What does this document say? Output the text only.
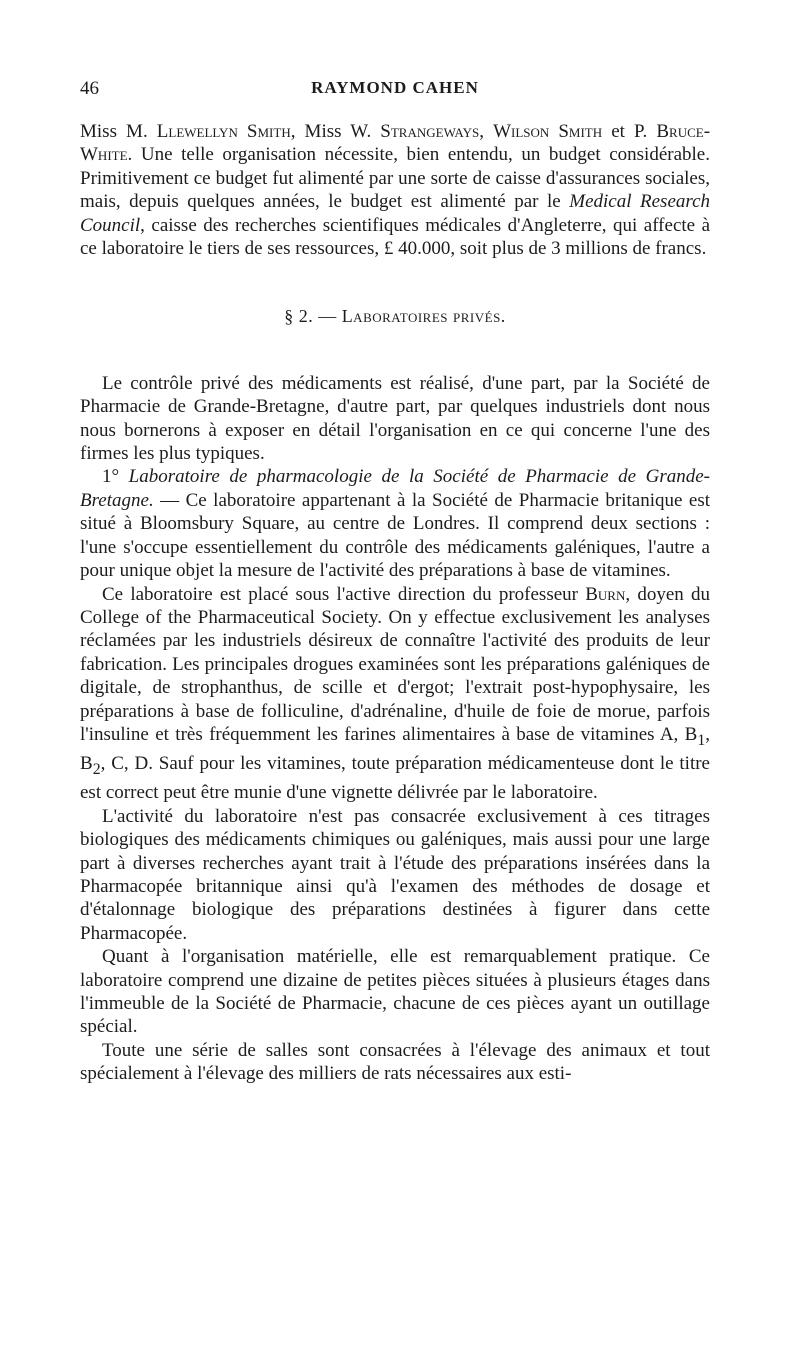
46	RAYMOND CAHEN

Miss M. Llewellyn Smith, Miss W. Strangeways, Wilson Smith et P. Bruce-White. Une telle organisation nécessite, bien entendu, un budget considérable. Primitivement ce budget fut alimenté par une sorte de caisse d'assurances sociales, mais, depuis quelques années, le budget est alimenté par le Medical Research Council, caisse des recherches scientifiques médicales d'Angleterre, qui affecte à ce laboratoire le tiers de ses ressources, £ 40.000, soit plus de 3 millions de francs.

§ 2. — Laboratoires privés.

Le contrôle privé des médicaments est réalisé, d'une part, par la Société de Pharmacie de Grande-Bretagne, d'autre part, par quelques industriels dont nous nous bornerons à exposer en détail l'organisation en ce qui concerne l'une des firmes les plus typiques.

1° Laboratoire de pharmacologie de la Société de Pharmacie de Grande-Bretagne. — Ce laboratoire appartenant à la Société de Pharmacie britanique est situé à Bloomsbury Square, au centre de Londres. Il comprend deux sections : l'une s'occupe essentiellement du contrôle des médicaments galéniques, l'autre a pour unique objet la mesure de l'activité des préparations à base de vitamines.

Ce laboratoire est placé sous l'active direction du professeur Burn, doyen du College of the Pharmaceutical Society. On y effectue exclusivement les analyses réclamées par les industriels désireux de connaître l'activité des produits de leur fabrication. Les principales drogues examinées sont les préparations galéniques de digitale, de strophanthus, de scille et d'ergot; l'extrait post-hypophysaire, les préparations à base de folliculine, d'adrénaline, d'huile de foie de morue, parfois l'insuline et très fréquemment les farines alimentaires à base de vitamines A, $B_1$, $B_2$, C, D. Sauf pour les vitamines, toute préparation médicamenteuse dont le titre est correct peut être munie d'une vignette délivrée par le laboratoire.

L'activité du laboratoire n'est pas consacrée exclusivement à ces titrages biologiques des médicaments chimiques ou galéniques, mais aussi pour une large part à diverses recherches ayant trait à l'étude des préparations insérées dans la Pharmacopée britannique ainsi qu'à l'examen des méthodes de dosage et d'étalonnage biologique des préparations destinées à figurer dans cette Pharmacopée.

Quant à l'organisation matérielle, elle est remarquablement pratique. Ce laboratoire comprend une dizaine de petites pièces situées à plusieurs étages dans l'immeuble de la Société de Pharmacie, chacune de ces pièces ayant un outillage spécial.

Toute une série de salles sont consacrées à l'élevage des animaux et tout spécialement à l'élevage des milliers de rats nécessaires aux esti-
